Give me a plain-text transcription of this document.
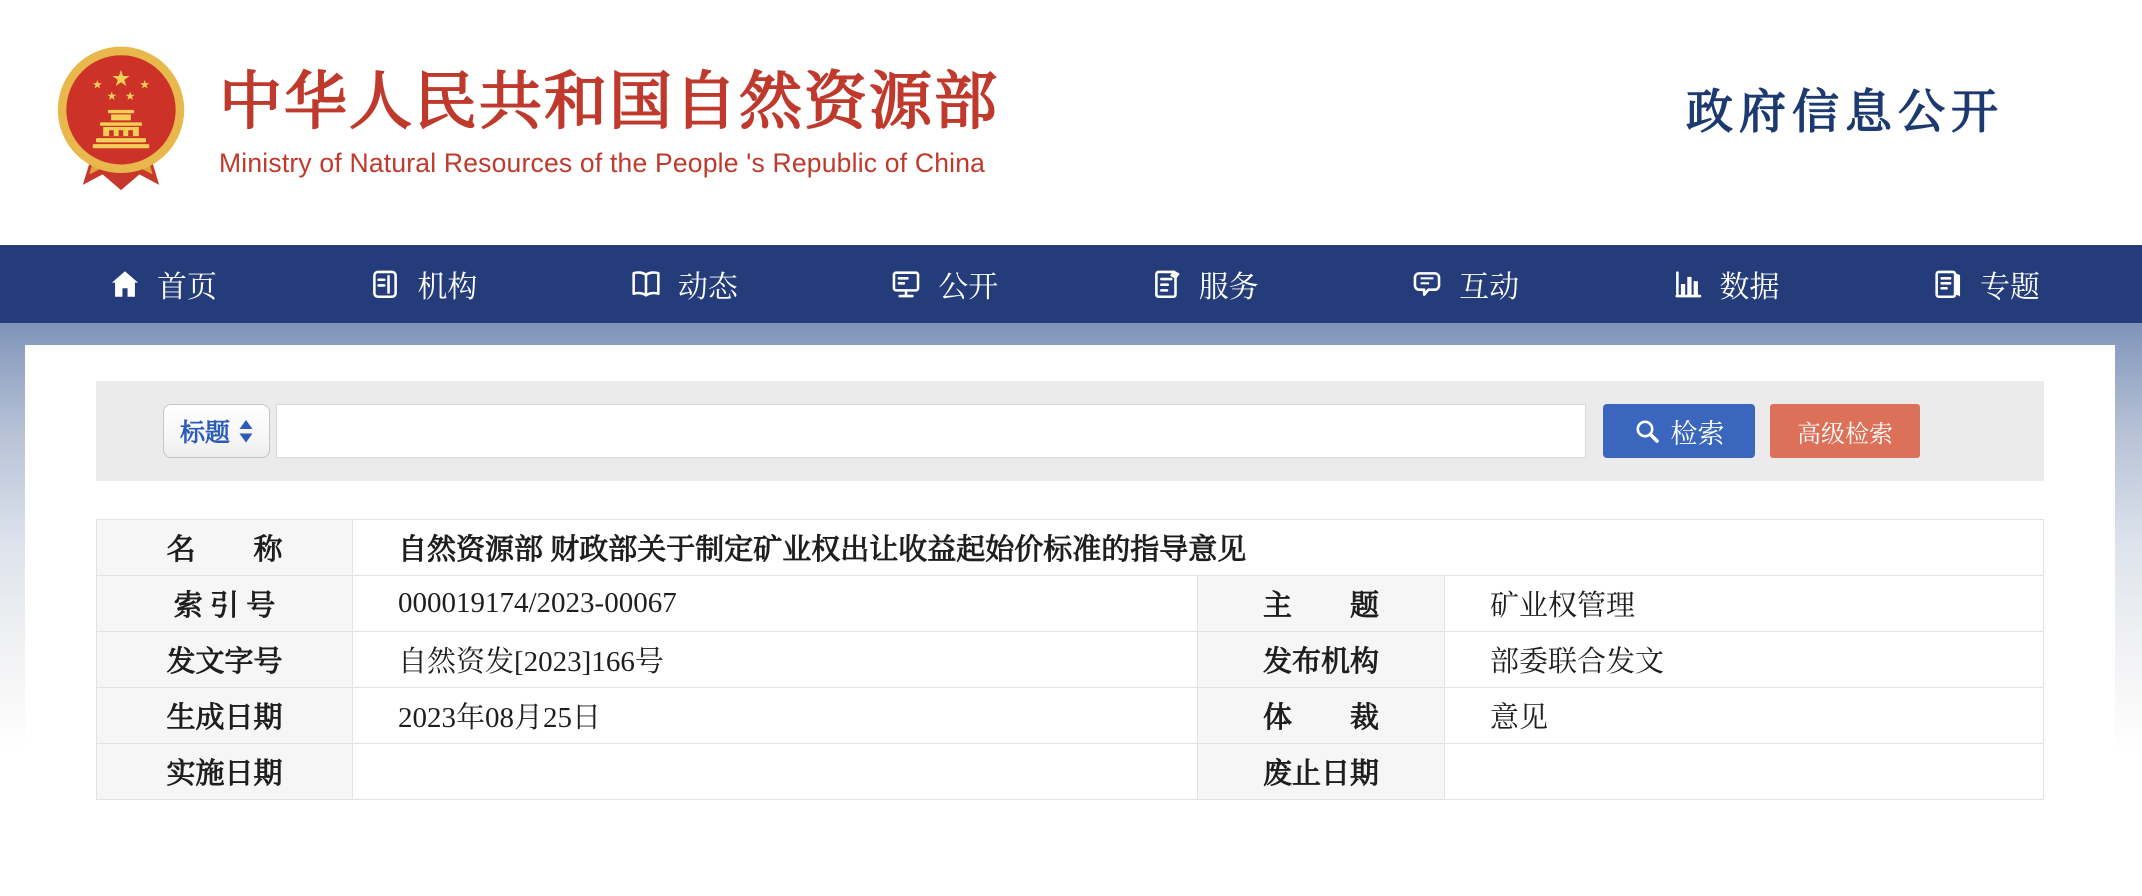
★
★
★ ★
★ 中华人民共和国自然资源部
Ministry of Natural Resources of the People 's Republic of China
政府信息公开
首页	机构	动态	公开	服务	互动	数据	专题
标题	检索	高级检索
名　　称	自然资源部 财政部关于制定矿业权出让收益起始价标准的指导意见		
索 引 号	000019174/2023-00067	主　　题	矿业权管理
发文字号	自然资发[2023]166号	发布机构	部委联合发文
生成日期	2023年08月25日	体　　裁	意见
实施日期		废止日期	
